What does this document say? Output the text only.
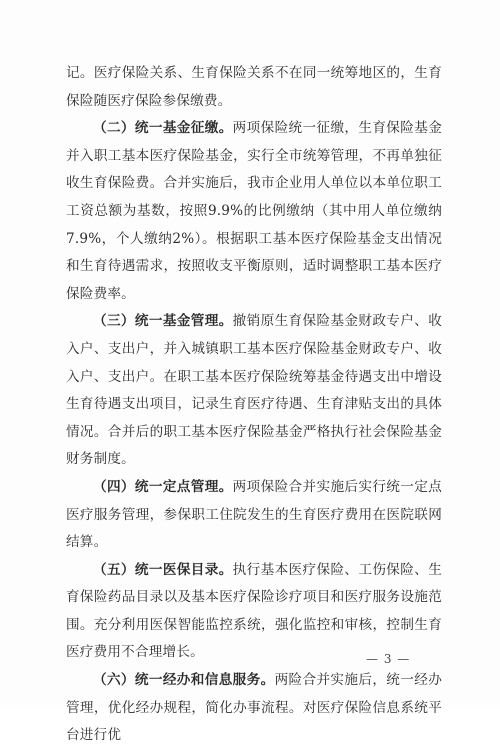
记。医疗保险关系、生育保险关系不在同一统筹地区的，生育保险随医疗保险参保缴费。

（二）统一基金征缴。两项保险统一征缴，生育保险基金并入职工基本医疗保险基金，实行全市统筹管理，不再单独征收生育保险费。合并实施后，我市企业用人单位以本单位职工工资总额为基数，按照9.9%的比例缴纳（其中用人单位缴纳7.9%，个人缴纳2%）。根据职工基本医疗保险基金支出情况和生育待遇需求，按照收支平衡原则，适时调整职工基本医疗保险费率。

（三）统一基金管理。撤销原生育保险基金财政专户、收入户、支出户，并入城镇职工基本医疗保险基金财政专户、收入户、支出户。在职工基本医疗保险统筹基金待遇支出中增设生育待遇支出项目，记录生育医疗待遇、生育津贴支出的具体情况。合并后的职工基本医疗保险基金严格执行社会保险基金财务制度。

（四）统一定点管理。两项保险合并实施后实行统一定点医疗服务管理，参保职工住院发生的生育医疗费用在医院联网结算。

（五）统一医保目录。执行基本医疗保险、工伤保险、生育保险药品目录以及基本医疗保险诊疗项目和医疗服务设施范围。充分利用医保智能监控系统，强化监控和审核，控制生育医疗费用不合理增长。

（六）统一经办和信息服务。两险合并实施后，统一经办管理，优化经办规程，简化办事流程。对医疗保险信息系统平台进行优

— 3 —
